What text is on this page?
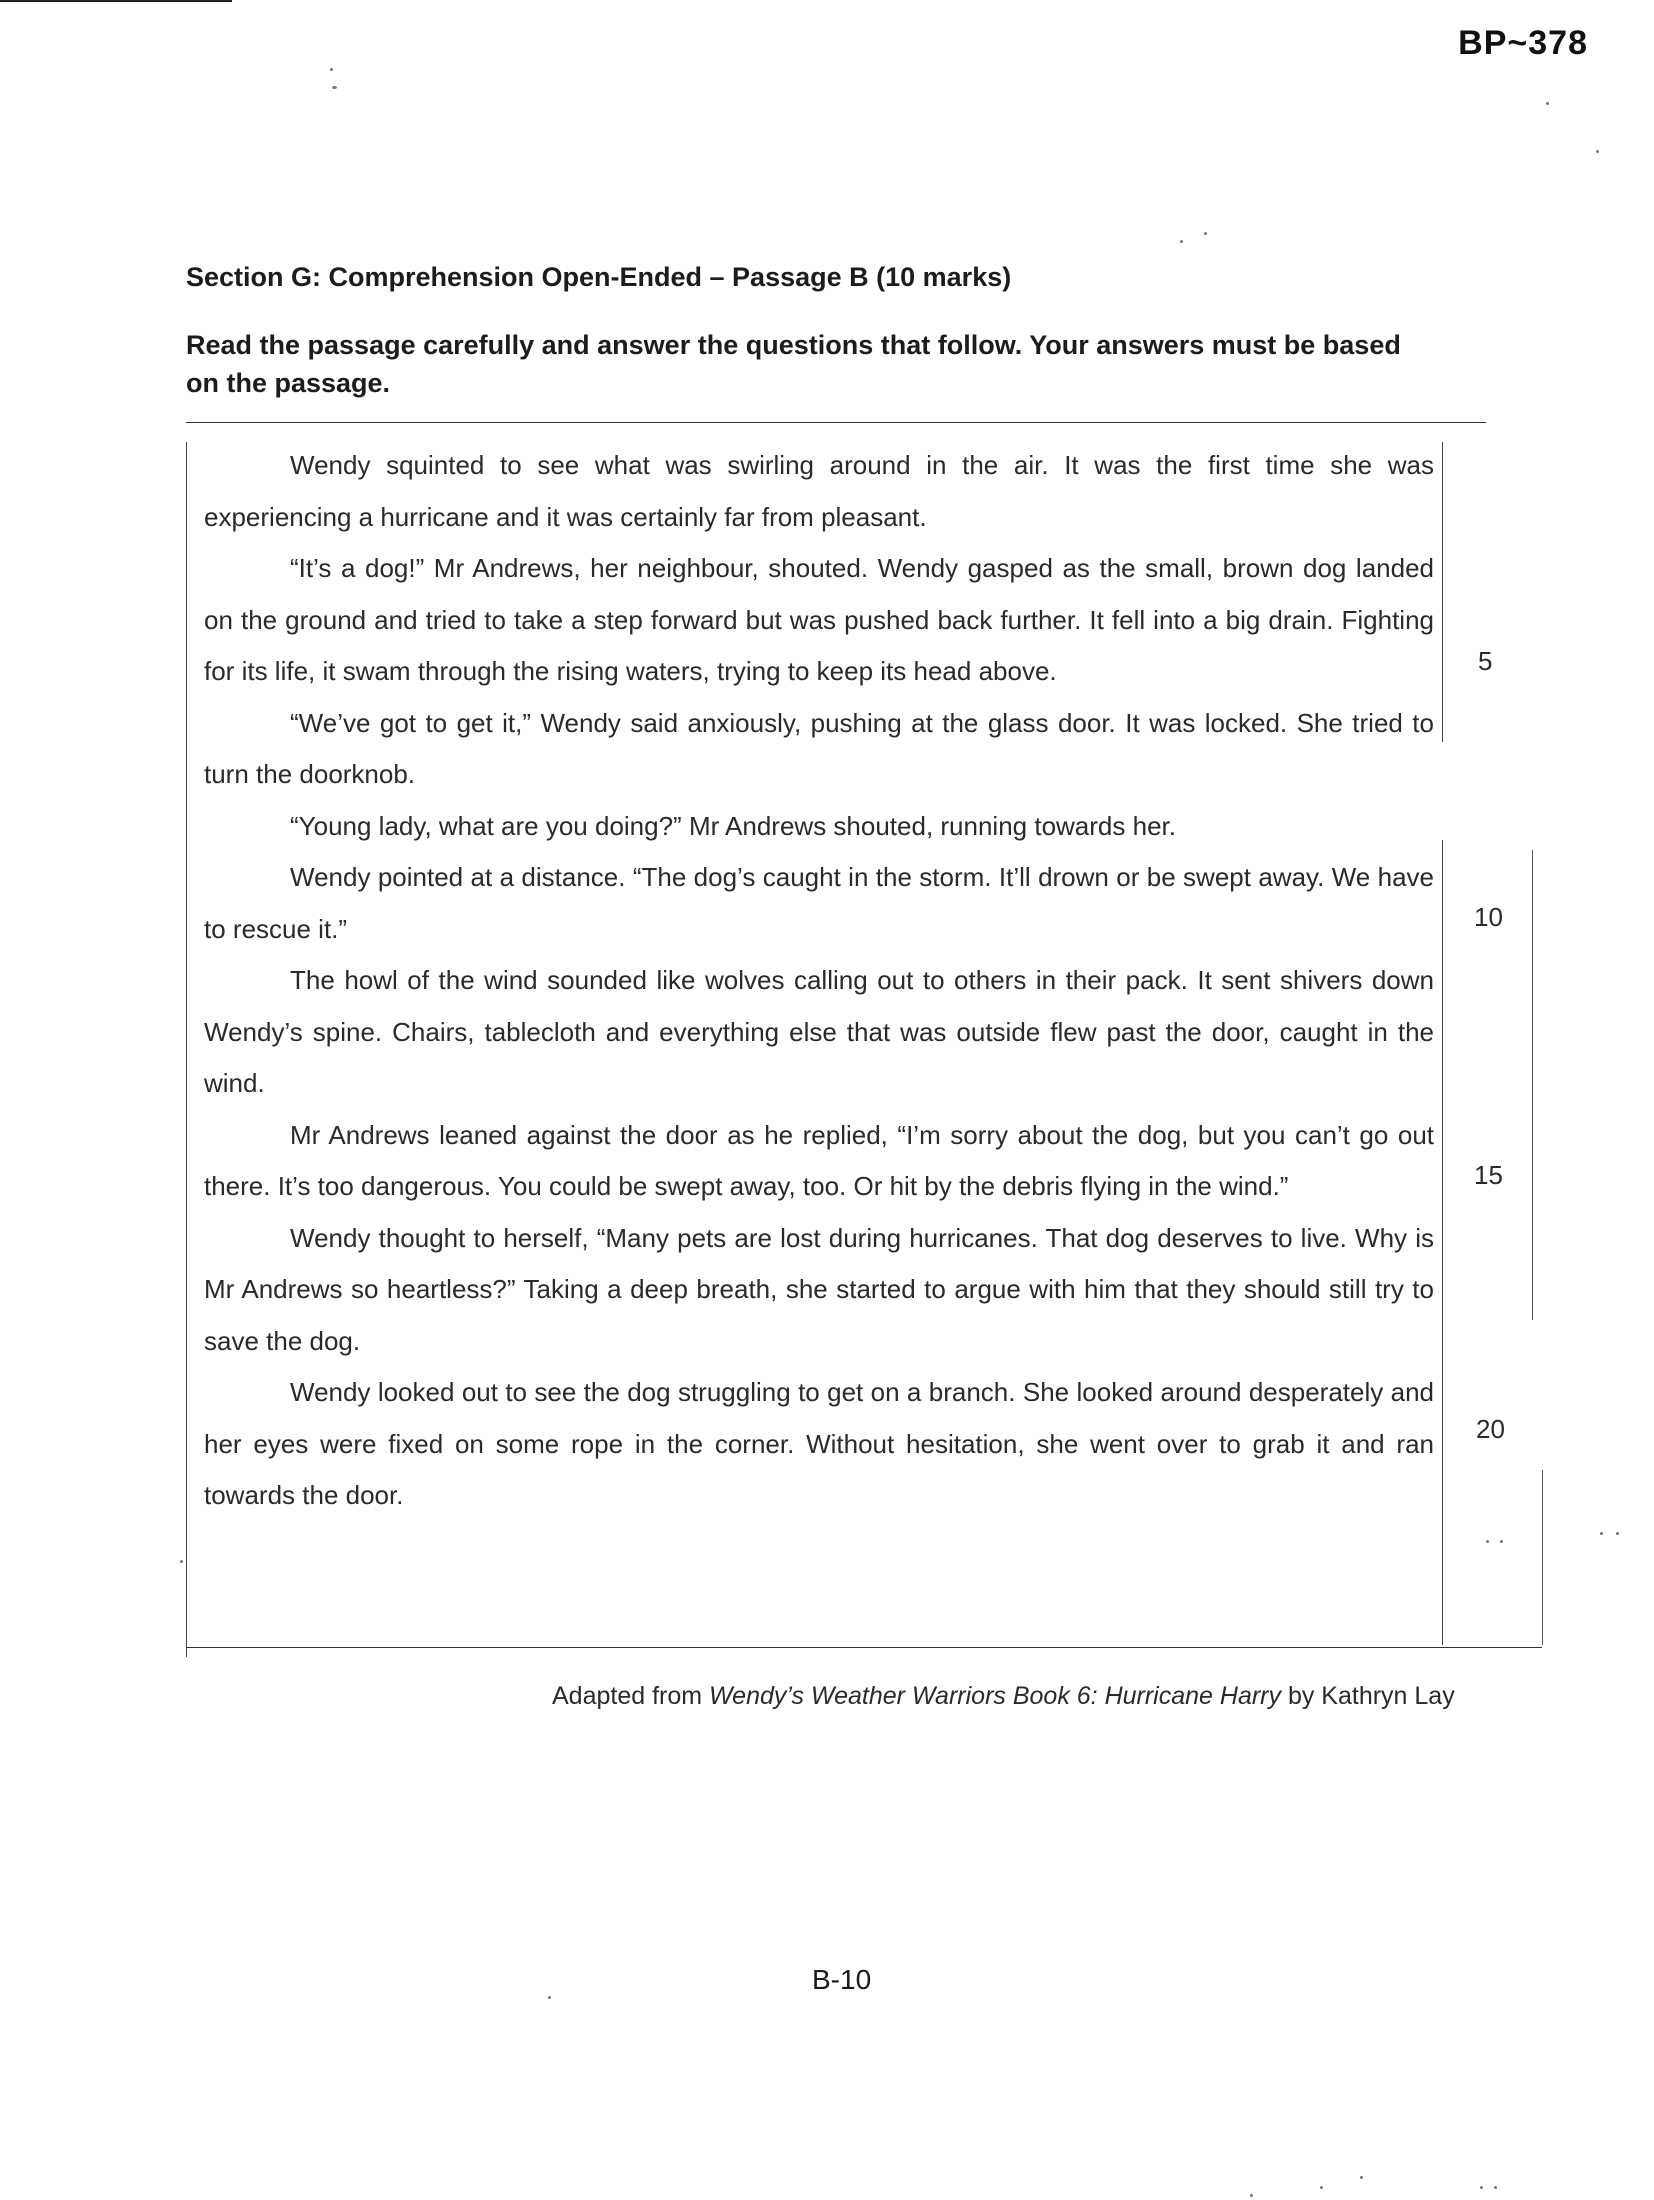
BP~378
Section G: Comprehension Open-Ended – Passage B (10 marks)
Read the passage carefully and answer the questions that follow. Your answers must be based on the passage.

Wendy squinted to see what was swirling around in the air. It was the first time she was experiencing a hurricane and it was certainly far from pleasant.

“It’s a dog!” Mr Andrews, her neighbour, shouted. Wendy gasped as the small, brown dog landed on the ground and tried to take a step forward but was pushed back further. It fell into a big drain. Fighting for its life, it swam through the rising waters, trying to keep its head above.

“We’ve got to get it,” Wendy said anxiously, pushing at the glass door. It was locked. She tried to turn the doorknob.

“Young lady, what are you doing?” Mr Andrews shouted, running towards her.

Wendy pointed at a distance. “The dog’s caught in the storm. It’ll drown or be swept away. We have to rescue it.”

The howl of the wind sounded like wolves calling out to others in their pack. It sent shivers down Wendy’s spine. Chairs, tablecloth and everything else that was outside flew past the door, caught in the wind.

Mr Andrews leaned against the door as he replied, “I’m sorry about the dog, but you can’t go out there. It’s too dangerous. You could be swept away, too. Or hit by the debris flying in the wind.”

Wendy thought to herself, “Many pets are lost during hurricanes. That dog deserves to live. Why is Mr Andrews so heartless?” Taking a deep breath, she started to argue with him that they should still try to save the dog.

Wendy looked out to see the dog struggling to get on a branch. She looked around desperately and her eyes were fixed on some rope in the corner. Without hesitation, she went over to grab it and ran towards the door.

5
10
15
20
Adapted from Wendy’s Weather Warriors Book 6: Hurricane Harry by Kathryn Lay
B-10
